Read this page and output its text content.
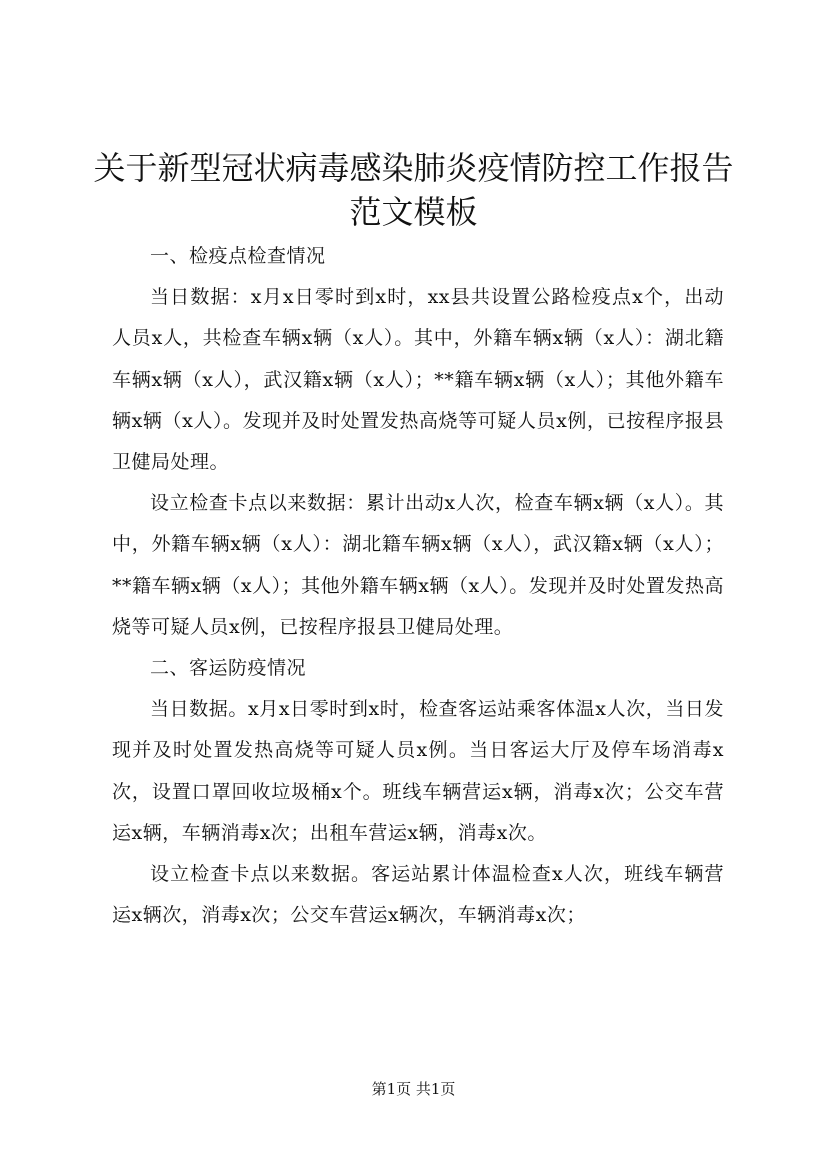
关于新型冠状病毒感染肺炎疫情防控工作报告
范文模板

一、检疫点检查情况

当日数据：x月x日零时到x时，xx县共设置公路检疫点x个，出动人员x人，共检查车辆x辆（x人）。其中，外籍车辆x辆（x人）：湖北籍车辆x辆（x人），武汉籍x辆（x人）；**籍车辆x辆（x人）；其他外籍车辆x辆（x人）。发现并及时处置发热高烧等可疑人员x例，已按程序报县卫健局处理。

设立检查卡点以来数据：累计出动x人次，检查车辆x辆（x人）。其中，外籍车辆x辆（x人）：湖北籍车辆x辆（x人），武汉籍x辆（x人）；**籍车辆x辆（x人）；其他外籍车辆x辆（x人）。发现并及时处置发热高烧等可疑人员x例，已按程序报县卫健局处理。

二、客运防疫情况

当日数据。x月x日零时到x时，检查客运站乘客体温x人次，当日发现并及时处置发热高烧等可疑人员x例。当日客运大厅及停车场消毒x次，设置口罩回收垃圾桶x个。班线车辆营运x辆，消毒x次；公交车营运x辆，车辆消毒x次；出租车营运x辆，消毒x次。

设立检查卡点以来数据。客运站累计体温检查x人次，班线车辆营运x辆次，消毒x次；公交车营运x辆次，车辆消毒x次；

第1页 共1页
